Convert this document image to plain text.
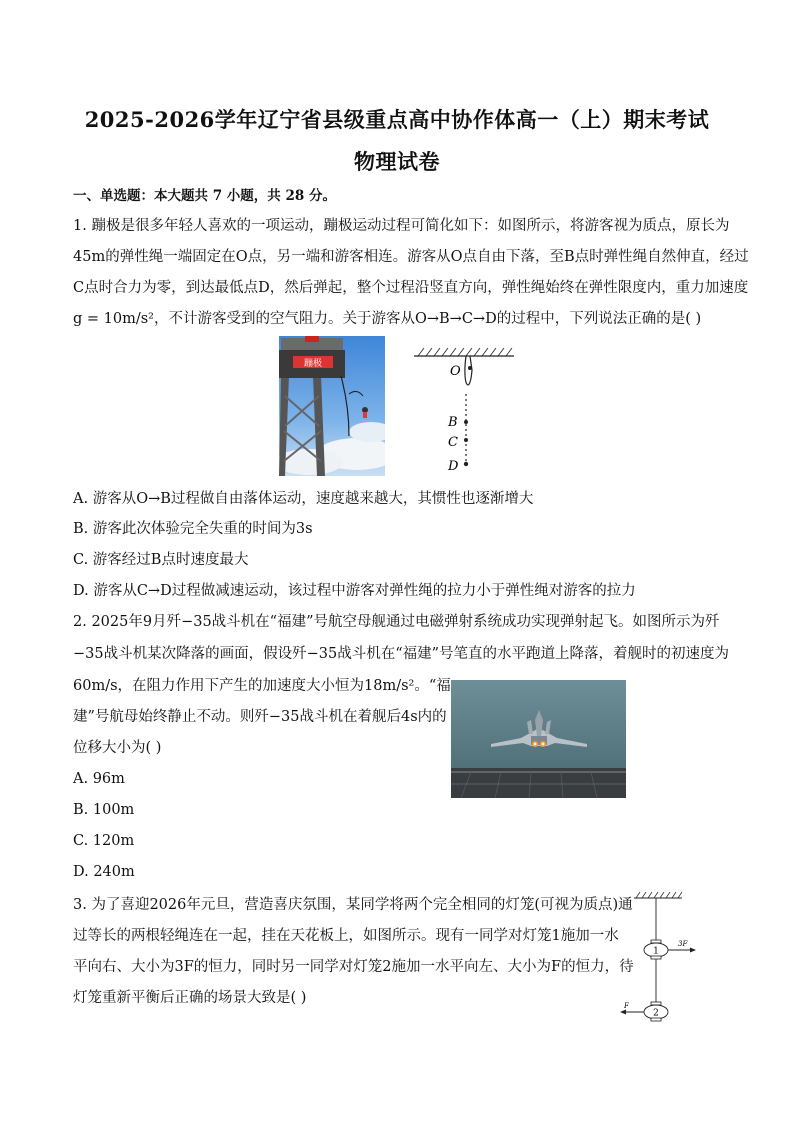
2025-2026学年辽宁省县级重点高中协作体高一（上）期末考试
物理试卷
一、单选题：本大题共 7 小题，共 28 分。
1. 蹦极是很多年轻人喜欢的一项运动，蹦极运动过程可简化如下：如图所示，将游客视为质点，原长为
45m的弹性绳一端固定在O点，另一端和游客相连。游客从O点自由下落，至B点时弹性绳自然伸直，经过
C点时合力为零，到达最低点D，然后弹起，整个过程沿竖直方向，弹性绳始终在弹性限度内，重力加速度
g = 10m/s²，不计游客受到的空气阻力。关于游客从O→B→C→D的过程中，下列说法正确的是( )
蹦极	O
B
C
D
A. 游客从O→B过程做自由落体运动，速度越来越大，其惯性也逐渐增大
B. 游客此次体验完全失重的时间为3s
C. 游客经过B点时速度最大
D. 游客从C→D过程做减速运动，该过程中游客对弹性绳的拉力小于弹性绳对游客的拉力
2. 2025年9月歼−35战斗机在“福建”号航空母舰通过电磁弹射系统成功实现弹射起飞。如图所示为歼
−35战斗机某次降落的画面，假设歼−35战斗机在“福建”号笔直的水平跑道上降落，着舰时的初速度为
60m/s，在阻力作用下产生的加速度大小恒为18m/s²。“福
建”号航母始终静止不动。则歼−35战斗机在着舰后4s内的
位移大小为( )
A. 96m
B. 100m
C. 120m
D. 240m
3. 为了喜迎2026年元旦，营造喜庆氛围，某同学将两个完全相同的灯笼(可视为质点)通
过等长的两根轻绳连在一起，挂在天花板上，如图所示。现有一同学对灯笼1施加一水
平向右、大小为3F的恒力，同时另一同学对灯笼2施加一水平向左、大小为F的恒力，待
灯笼重新平衡后正确的场景大致是( )
1
3F
2
F
